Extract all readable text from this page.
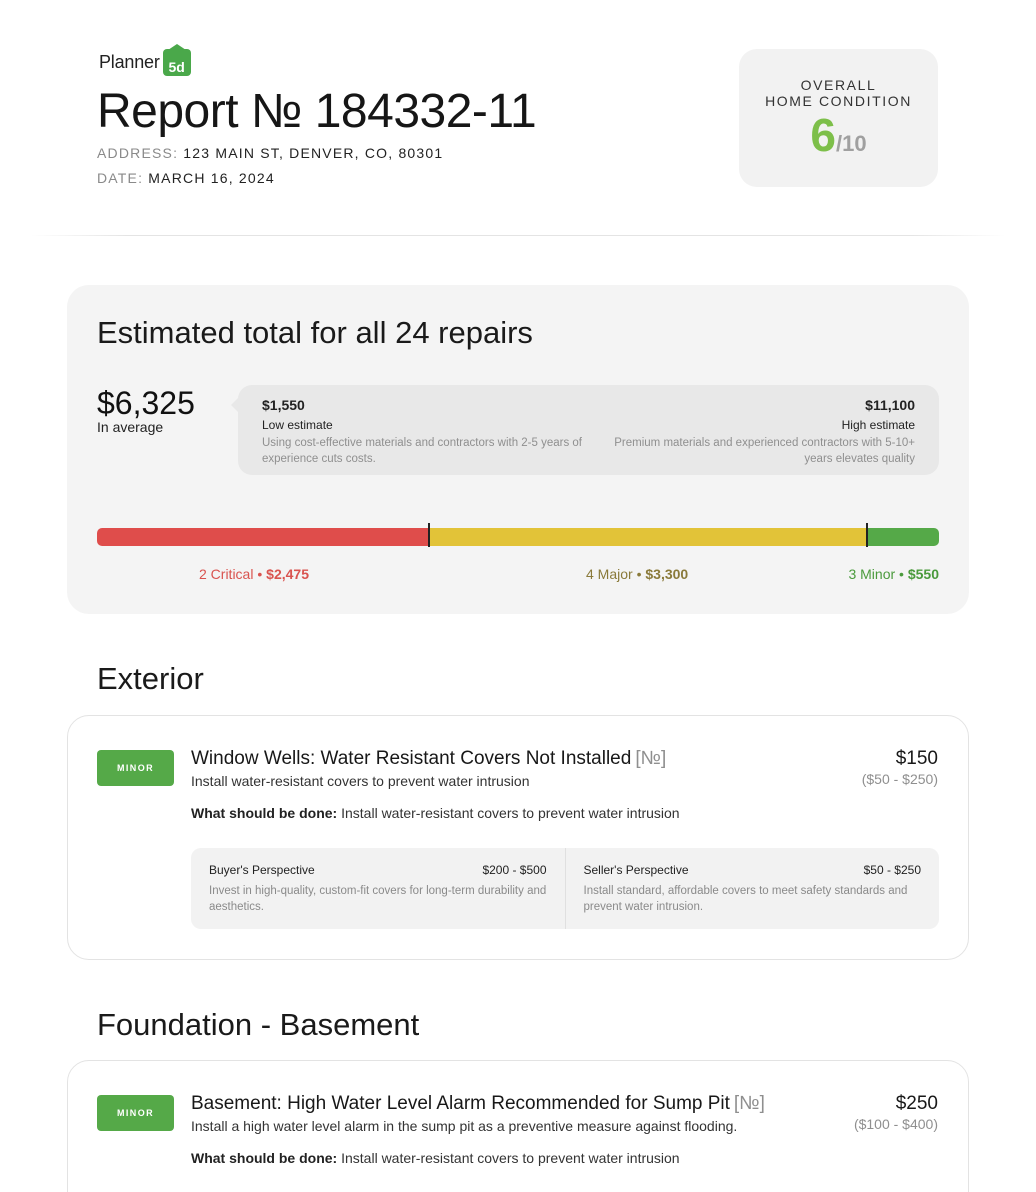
Planner 5d
Report № 184332-11
ADDRESS: 123 MAIN ST, DENVER, CO, 80301
DATE: MARCH 16, 2024
OVERALL
HOME CONDITION
6/10
Estimated total for all 24 repairs
$6,325
In average
$1,550
Low estimate
Using cost-effective materials and contractors with 2-5 years of experience cuts costs.
$11,100
High estimate
Premium materials and experienced contractors with 5-10+ years elevates quality
2 Critical • $2,475	4 Major • $3,300	3 Minor • $550
Exterior
MINOR	Window Wells: Water Resistant Covers Not Installed [№]
Install water-resistant covers to prevent water intrusion
$150
($50 - $250)
What should be done: Install water-resistant covers to prevent water intrusion
Buyer's Perspective	$200 - $500
Invest in high-quality, custom-fit covers for long-term durability and aesthetics.
Seller's Perspective	$50 - $250
Install standard, affordable covers to meet safety standards and prevent water intrusion.
Foundation - Basement
MINOR	Basement: High Water Level Alarm Recommended for Sump Pit [№]
Install a high water level alarm in the sump pit as a preventive measure against flooding.
$250
($100 - $400)
What should be done: Install water-resistant covers to prevent water intrusion
